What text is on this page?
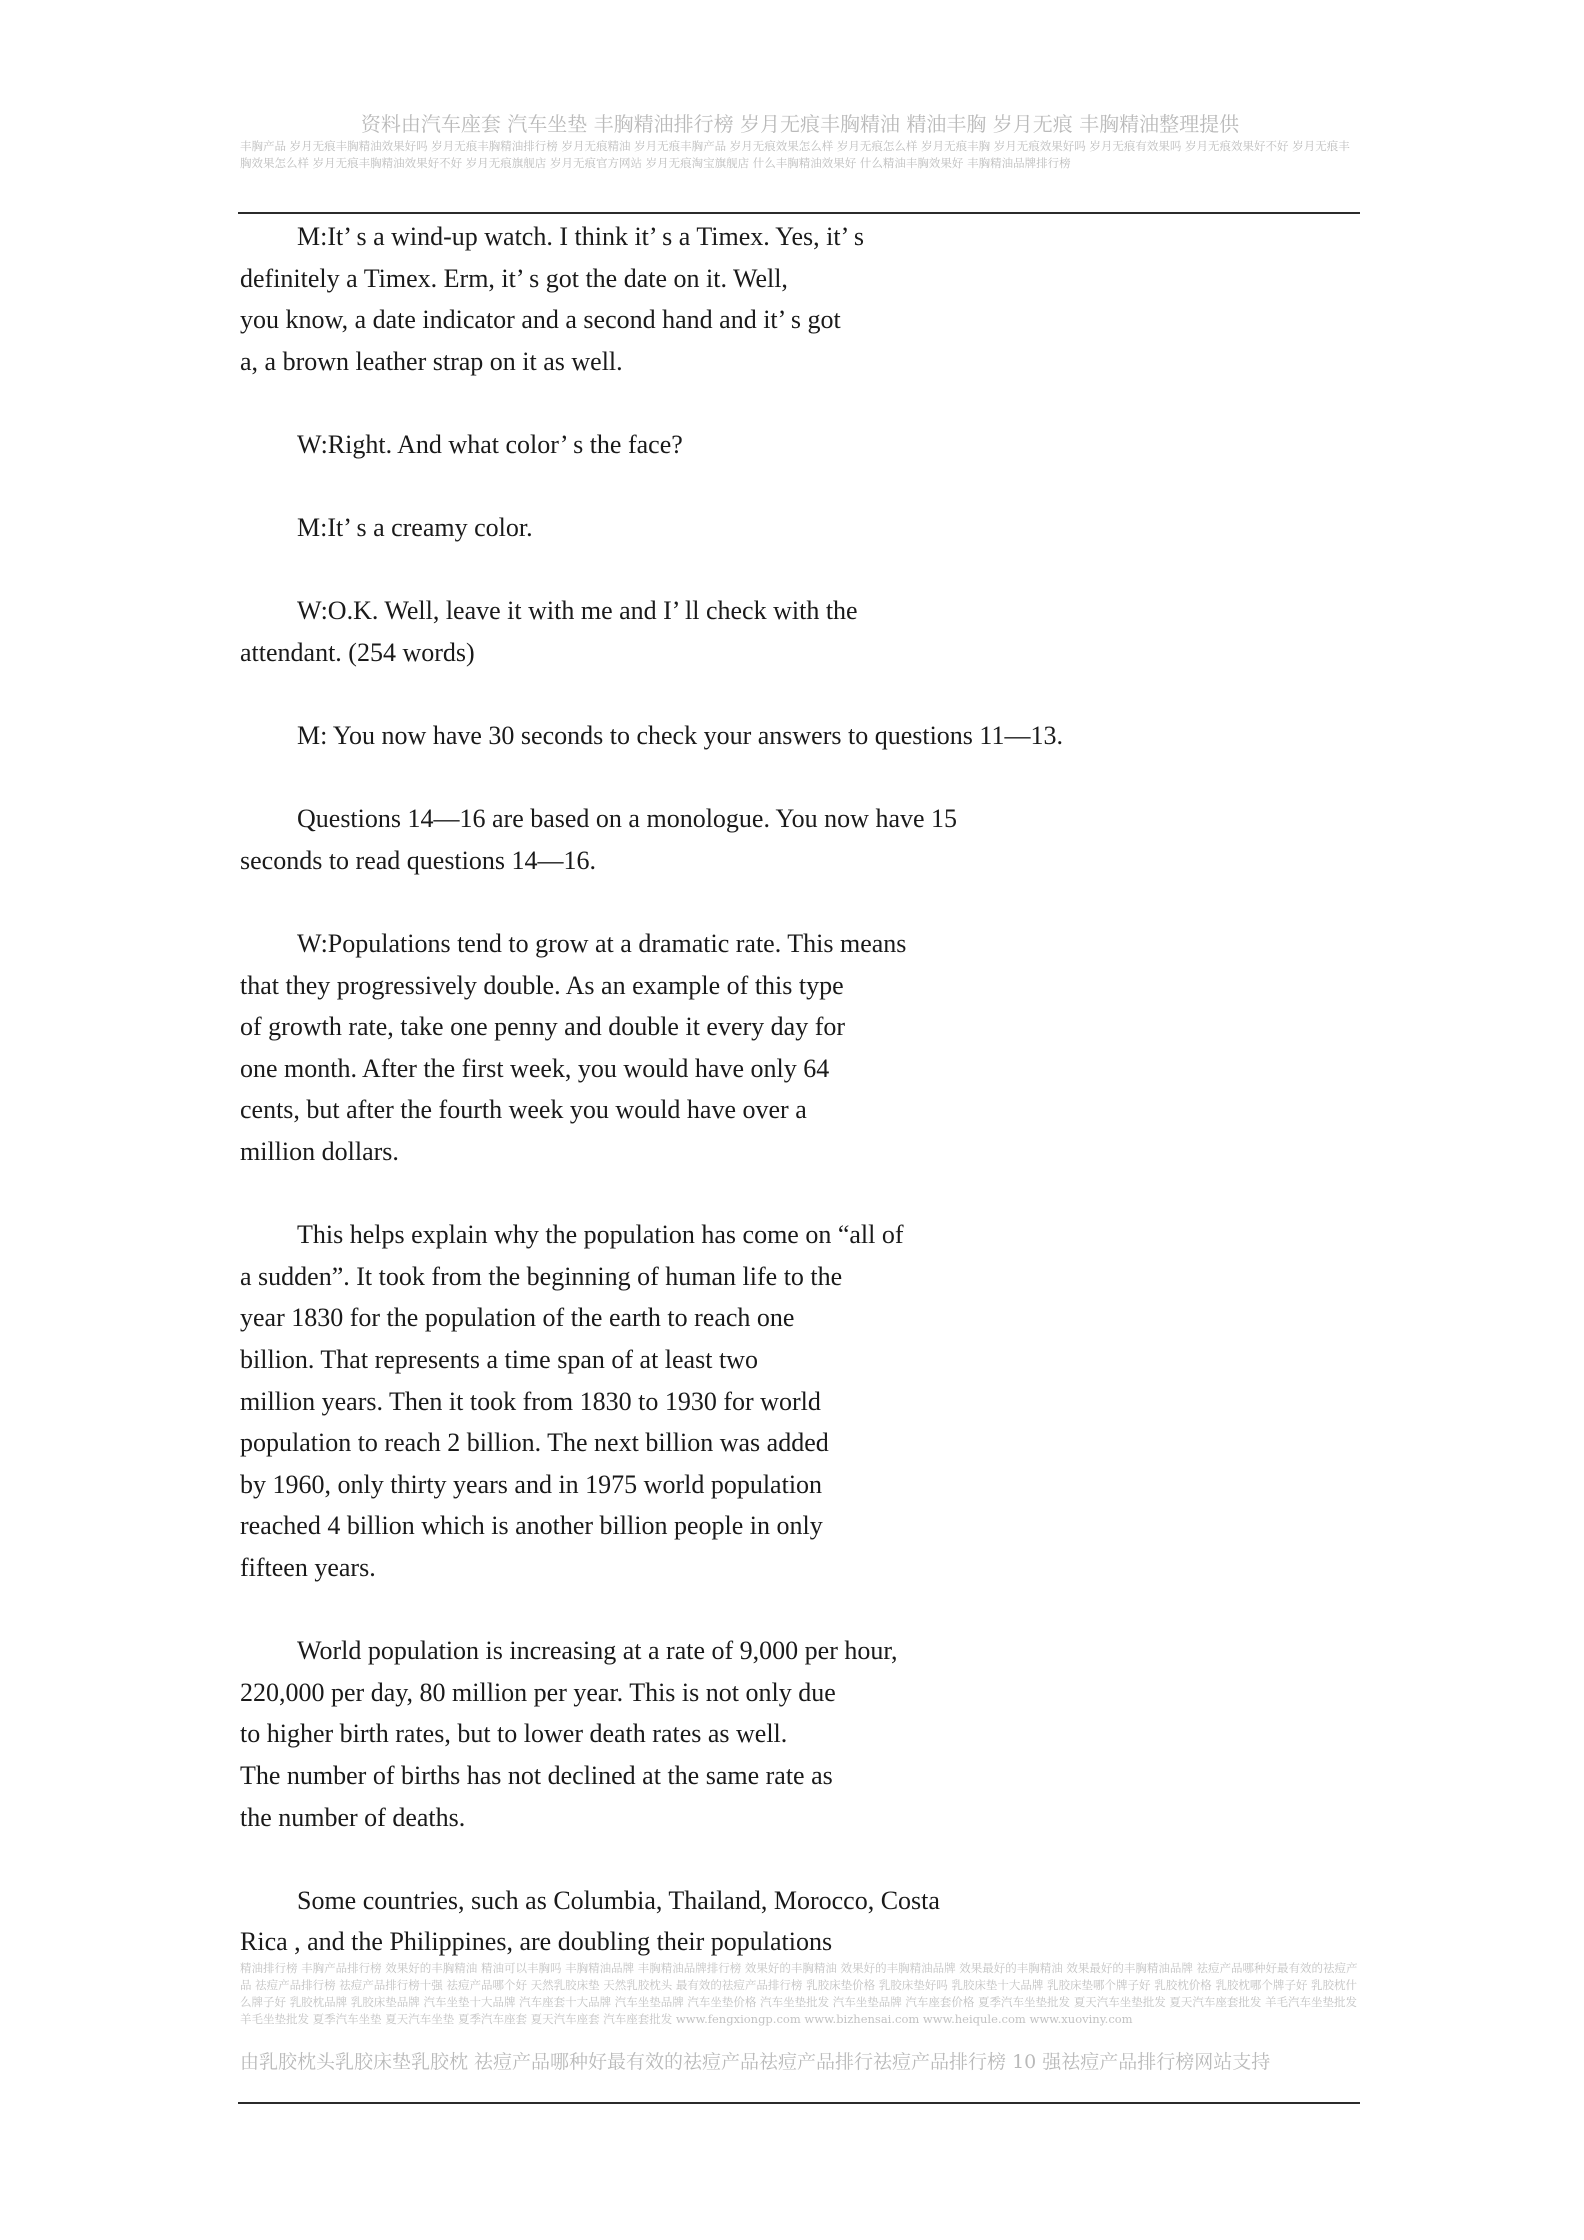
资料由汽车座套 汽车坐垫 丰胸精油排行榜 岁月无痕丰胸精油 精油丰胸 岁月无痕 丰胸精油整理提供
丰胸产品 岁月无痕丰胸精油效果好吗 岁月无痕丰胸精油排行榜 岁月无痕精油 岁月无痕丰胸产品 岁月无痕效果怎么样 岁月无痕怎么样 岁月无痕丰胸 岁月无痕效果好吗 岁月无痕有效果吗 岁月无痕效果好不好 岁月无痕丰胸效果怎么样 岁月无痕丰胸精油效果好不好 岁月无痕旗舰店 岁月无痕官方网站 岁月无痕淘宝旗舰店 什么丰胸精油效果好 什么精油丰胸效果好 丰胸精油品牌排行榜

M:It’ s a wind-up watch. I think it’ s a Timex. Yes, it’ s
definitely a Timex. Erm, it’ s got the date on it. Well,
you know, a date indicator and a second hand and it’ s got
a, a brown leather strap on it as well.

W:Right. And what color’ s the face?

M:It’ s a creamy color.

W:O.K. Well, leave it with me and I’ ll check with the
attendant. (254 words)

M: You now have 30 seconds to check your answers to questions 11—13.

Questions 14—16 are based on a monologue. You now have 15
seconds to read questions 14—16.

W:Populations tend to grow at a dramatic rate. This means
that they progressively double. As an example of this type
of growth rate, take one penny and double it every day for
one month. After the first week, you would have only 64
cents, but after the fourth week you would have over a
million dollars.

This helps explain why the population has come on “all of
a sudden”. It took from the beginning of human life to the
year 1830 for the population of the earth to reach one
billion. That represents a time span of at least two
million years. Then it took from 1830 to 1930 for world
population to reach 2 billion. The next billion was added
by 1960, only thirty years and in 1975 world population
reached 4 billion which is another billion people in only
fifteen years.

World population is increasing at a rate of 9,000 per hour,
220,000 per day, 80 million per year. This is not only due
to higher birth rates, but to lower death rates as well.
The number of births has not declined at the same rate as
the number of deaths.

Some countries, such as Columbia, Thailand, Morocco, Costa
Rica , and the Philippines, are doubling their populations

精油排行榜 丰胸产品排行榜 效果好的丰胸精油 精油可以丰胸吗 丰胸精油品牌 丰胸精油品牌排行榜 效果好的丰胸精油 效果好的丰胸精油品牌 效果最好的丰胸精油 效果最好的丰胸精油品牌 祛痘产品哪种好最有效的祛痘产品 祛痘产品排行榜 祛痘产品排行榜十强 祛痘产品哪个好 天然乳胶床垫 天然乳胶枕头 最有效的祛痘产品排行榜 乳胶床垫价格 乳胶床垫好吗 乳胶床垫十大品牌 乳胶床垫哪个牌子好 乳胶枕价格 乳胶枕哪个牌子好 乳胶枕什么牌子好 乳胶枕品牌 乳胶床垫品牌 汽车坐垫十大品牌 汽车座套十大品牌 汽车坐垫品牌 汽车坐垫价格 汽车坐垫批发 汽车坐垫品牌 汽车座套价格 夏季汽车坐垫批发 夏天汽车坐垫批发 夏天汽车座套批发 羊毛汽车坐垫批发 羊毛坐垫批发 夏季汽车坐垫 夏天汽车坐垫 夏季汽车座套 夏天汽车座套 汽车座套批发 www.fengxiongp.com www.bizhensai.com www.heiqule.com www.xuoviny.com
由乳胶枕头乳胶床垫乳胶枕 祛痘产品哪种好最有效的祛痘产品祛痘产品排行祛痘产品排行榜 10 强祛痘产品排行榜网站支持
